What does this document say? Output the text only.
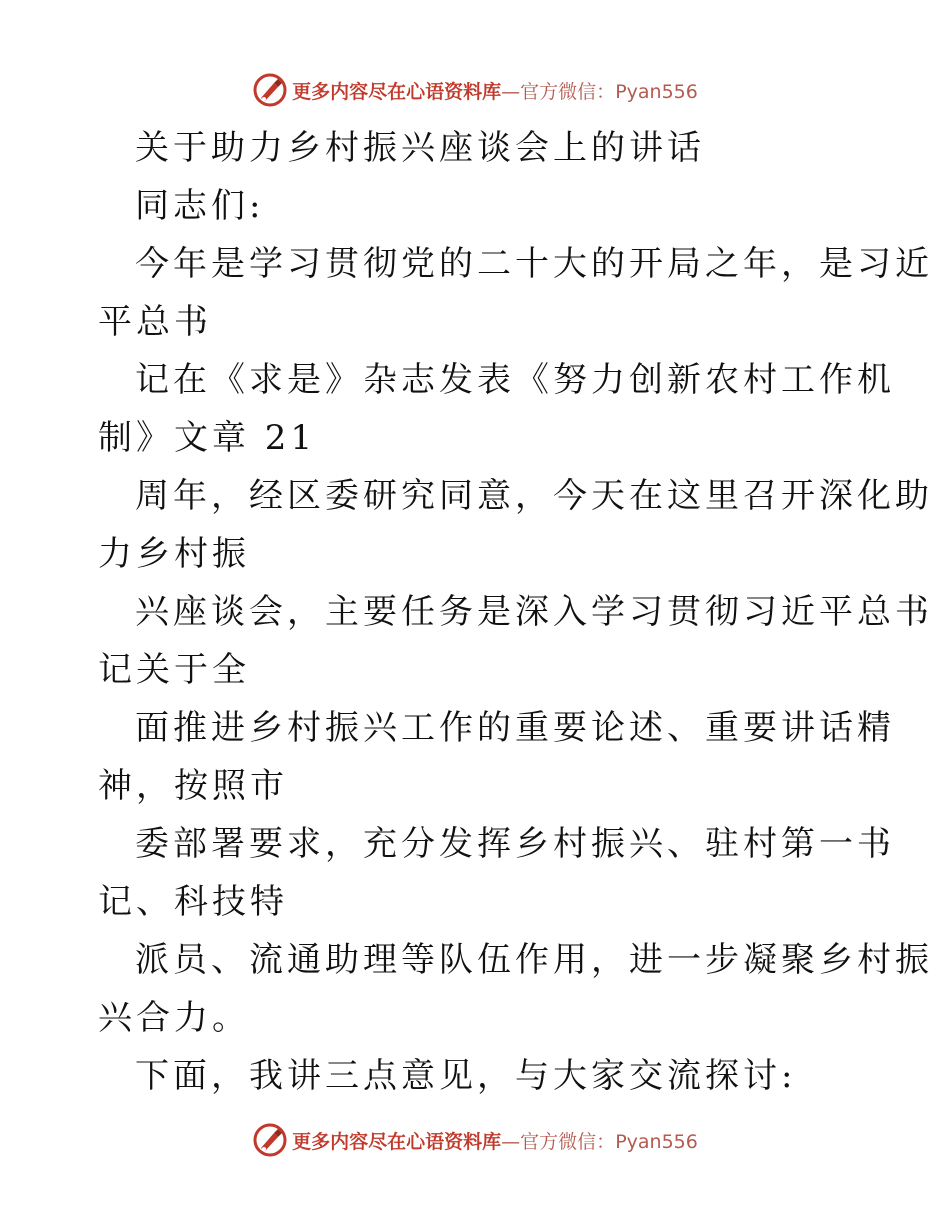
更多内容尽在心语资料库—官方微信：Pyan556
关于助力乡村振兴座谈会上的讲话
同志们:
今年是学习贯彻党的二十大的开局之年，是习近
平总书
记在《求是》杂志发表《努力创新农村工作机
制》文章 21
周年，经区委研究同意，今天在这里召开深化助
力乡村振
兴座谈会，主要任务是深入学习贯彻习近平总书
记关于全
面推进乡村振兴工作的重要论述、重要讲话精
神，按照市
委部署要求，充分发挥乡村振兴、驻村第一书
记、科技特
派员、流通助理等队伍作用，进一步凝聚乡村振
兴合力。
下面，我讲三点意见，与大家交流探讨:
更多内容尽在心语资料库—官方微信：Pyan556
